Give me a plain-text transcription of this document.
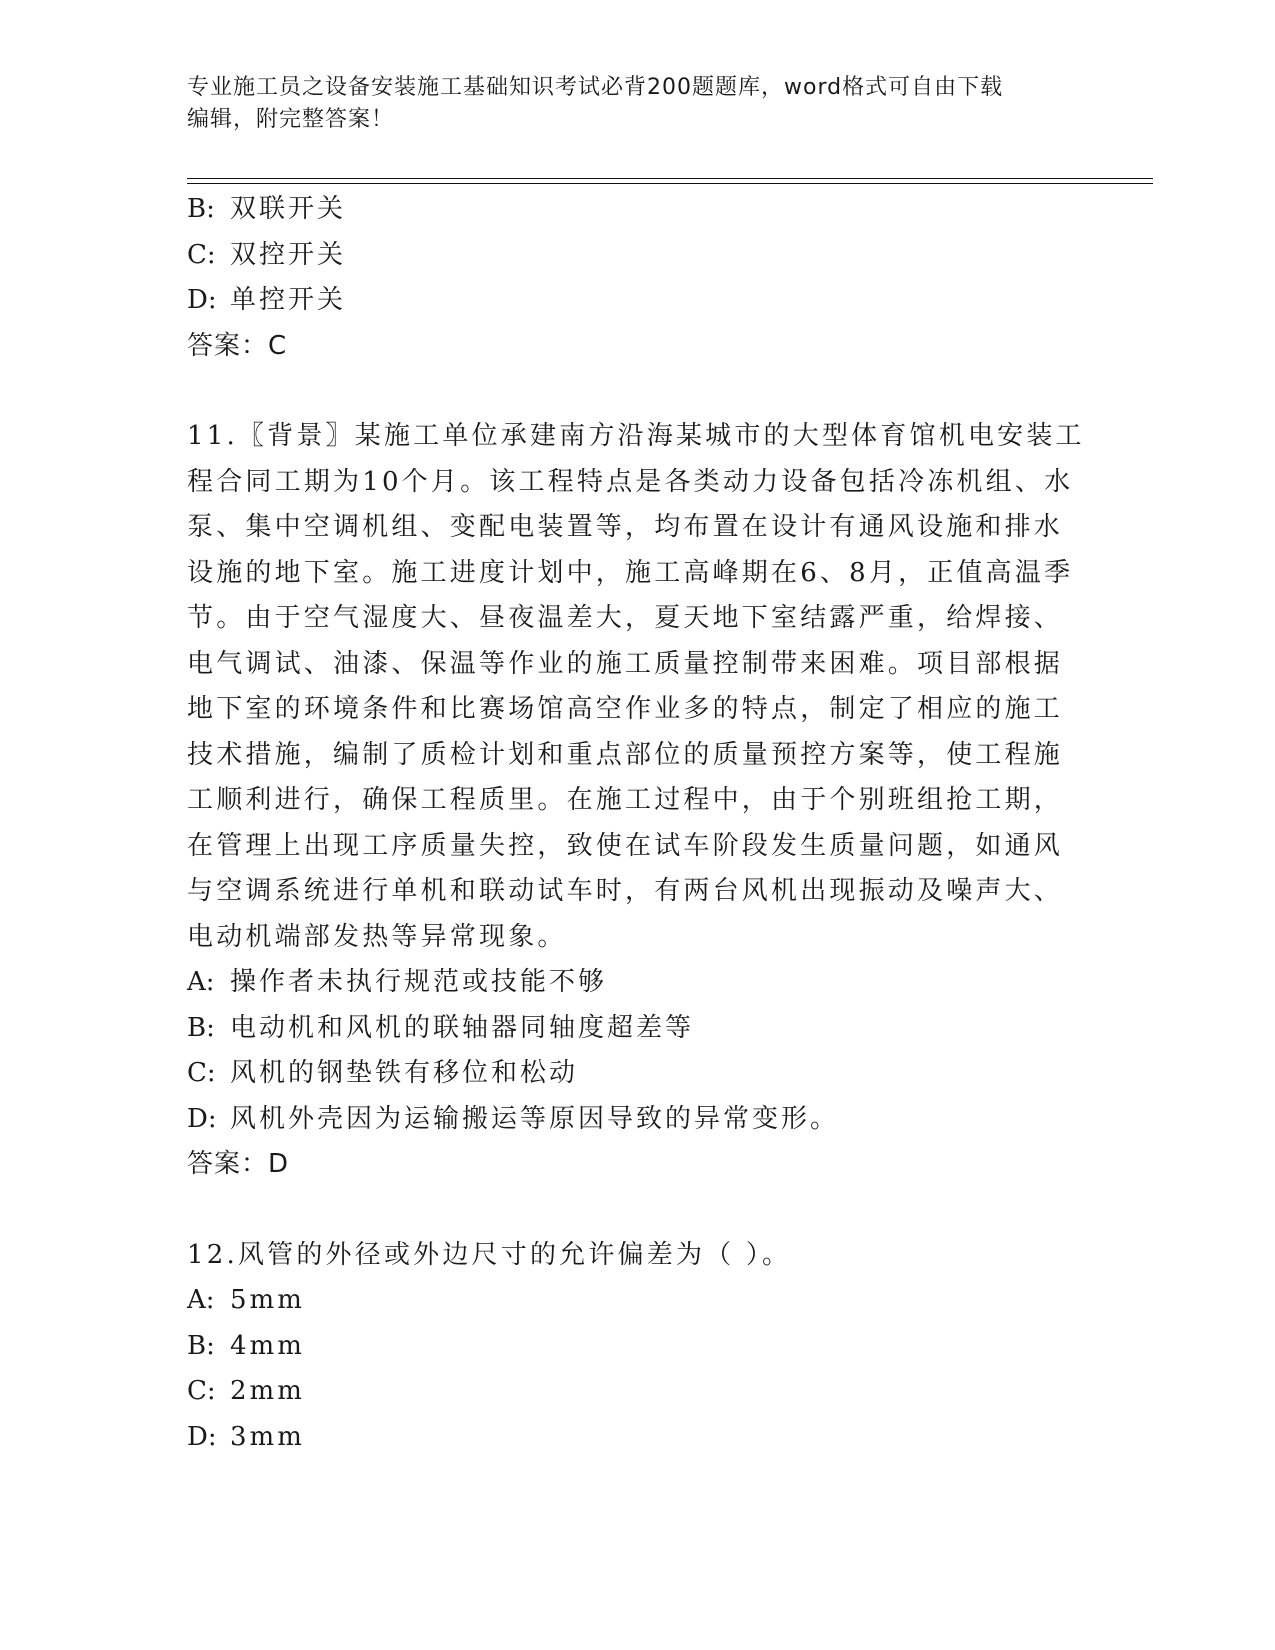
专业施工员之设备安装施工基础知识考试必背200题题库，word格式可自由下载
编辑，附完整答案！
B: 双联开关
C: 双控开关
D: 单控开关
答案：C
11.〖背景〗某施工单位承建南方沿海某城市的大型体育馆机电安装工
程合同工期为10个月。该工程特点是各类动力设备包括冷冻机组、水
泵、集中空调机组、变配电装置等，均布置在设计有通风设施和排水
设施的地下室。施工进度计划中，施工高峰期在6、8月，正值高温季
节。由于空气湿度大、昼夜温差大，夏天地下室结露严重，给焊接、
电气调试、油漆、保温等作业的施工质量控制带来困难。项目部根据
地下室的环境条件和比赛场馆高空作业多的特点，制定了相应的施工
技术措施，编制了质检计划和重点部位的质量预控方案等，使工程施
工顺利进行，确保工程质里。在施工过程中，由于个别班组抢工期，
在管理上出现工序质量失控，致使在试车阶段发生质量问题，如通风
与空调系统进行单机和联动试车时，有两台风机出现振动及噪声大、
电动机端部发热等异常现象。
A: 操作者未执行规范或技能不够
B: 电动机和风机的联轴器同轴度超差等
C: 风机的钢垫铁有移位和松动
D: 风机外壳因为运输搬运等原因导致的异常变形。
答案：D
12.风管的外径或外边尺寸的允许偏差为（ ）。
A: 5mm
B: 4mm
C: 2mm
D: 3mm
